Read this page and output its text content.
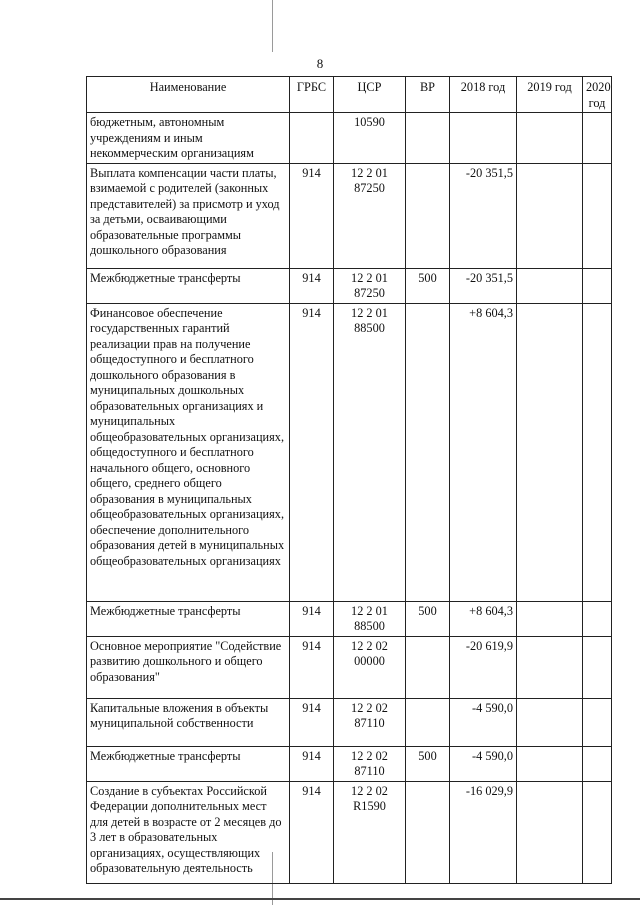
8
Наименование	ГРБС	ЦСР	ВР	2018 год	2019 год	2020 год
бюджетным, автономным учреждениям и иным некоммерческим организациям		10590				
Выплата компенсации части платы, взимаемой с родителей (законных представителей) за присмотр и уход за детьми, осваивающими образовательные программы дошкольного образования	914	12 2 01 87250		-20 351,5		
Межбюджетные трансферты	914	12 2 01 87250	500	-20 351,5		
Финансовое обеспечение государственных гарантий реализации прав на получение общедоступного и бесплатного дошкольного образования в муниципальных дошкольных образовательных организациях и муниципальных общеобразовательных организациях, общедоступного и бесплатного начального общего, основного общего, среднего общего образования в муниципальных общеобразовательных организациях, обеспечение дополнительного образования детей в муниципальных общеобразовательных организациях	914	12 2 01 88500		+8 604,3		
Межбюджетные трансферты	914	12 2 01 88500	500	+8 604,3		
Основное мероприятие "Содействие развитию дошкольного и общего образования"	914	12 2 02 00000		-20 619,9		
Капитальные вложения в объекты муниципальной собственности	914	12 2 02 87110		-4 590,0		
Межбюджетные трансферты	914	12 2 02 87110	500	-4 590,0		
Создание в субъектах Российской Федерации дополнительных мест для детей в возрасте от 2 месяцев до 3 лет в образовательных организациях, осуществляющих образовательную деятельность	914	12 2 02 R1590		-16 029,9		
